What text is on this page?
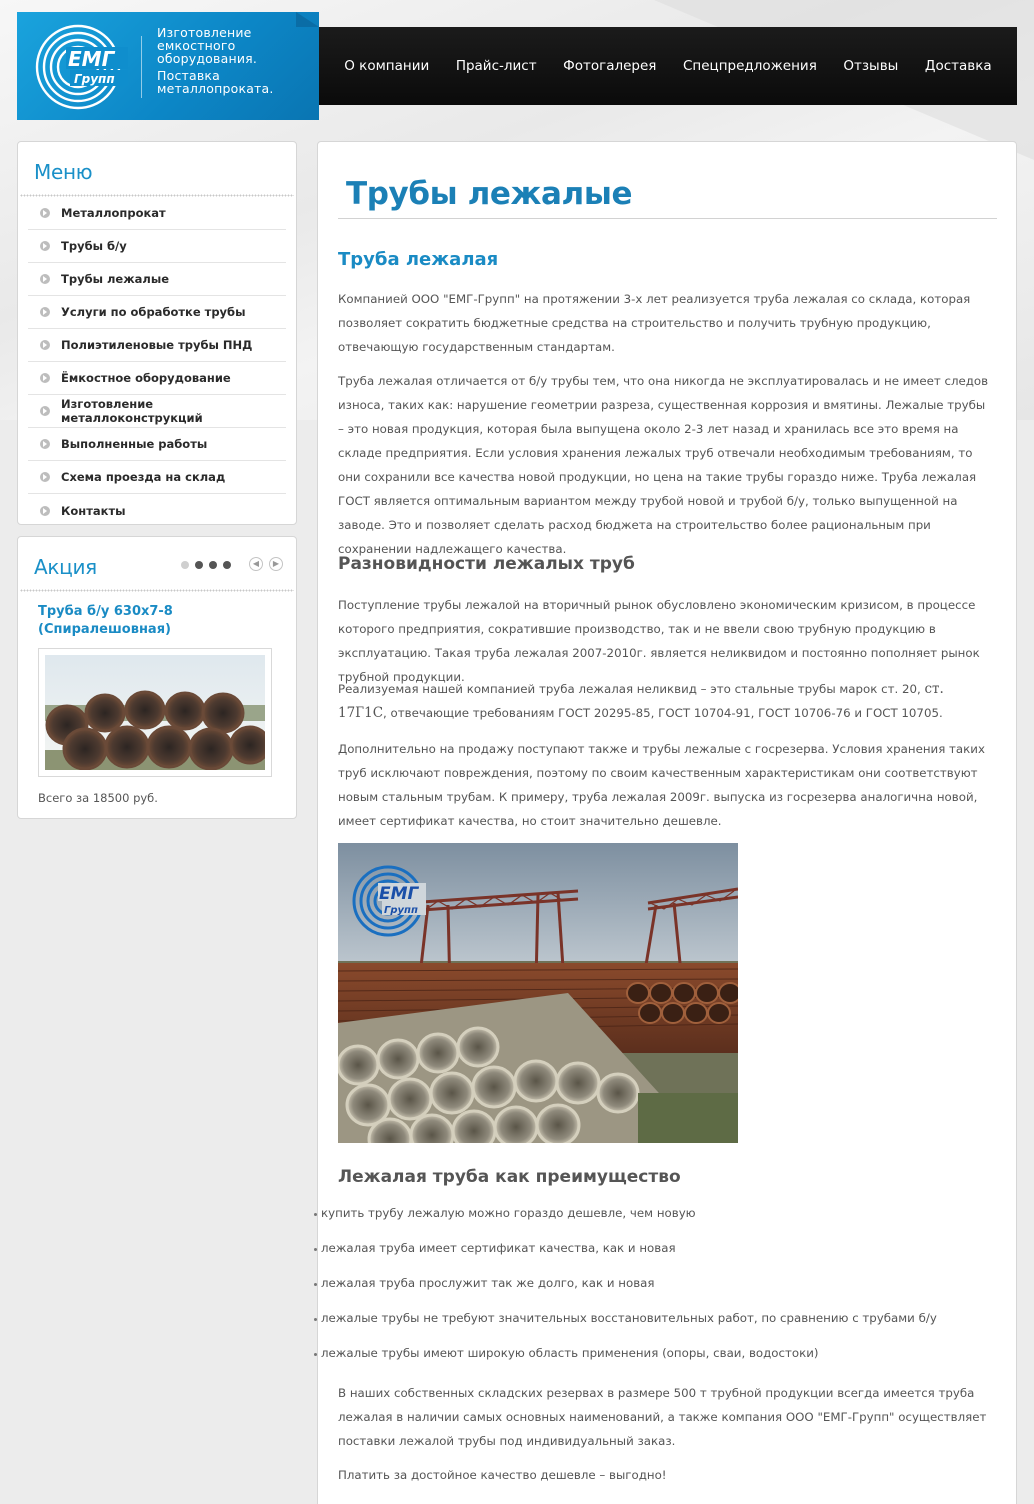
ЕМГ
Групп
Изготовление емкостного оборудования.
Поставка металлопроката.
О компании Прайс-лист Фотогалерея Спецпредложения Отзывы Доставка
Меню
Металлопрокат
Трубы б/у
Трубы лежалые
Услуги по обработке трубы
Полиэтиленовые трубы ПНД
Ёмкостное оборудование
Изготовление металлоконструкций
Выполненные работы
Схема проезда на склад
Контакты
Акция	◀ ▶
Труба б/у 630х7-8 (Спиралешовная)
Всего за 18500 руб.
Трубы лежалые
Труба лежалая

Компанией ООО "ЕМГ-Групп" на протяжении 3-х лет реализуется труба лежалая со склада, которая позволяет сократить бюджетные средства на строительство и получить трубную продукцию, отвечающую государственным стандартам.

Труба лежалая отличается от б/у трубы тем, что она никогда не эксплуатировалась и не имеет следов износа, таких как: нарушение геометрии разреза, существенная коррозия и вмятины. Лежалые трубы – это новая продукция, которая была выпущена около 2-3 лет назад и хранилась все это время на складе предприятия. Если условия хранения лежалых труб отвечали необходимым требованиям, то они сохранили все качества новой продукции, но цена на такие трубы гораздо ниже. Труба лежалая ГОСТ является оптимальным вариантом между трубой новой и трубой б/у, только выпущенной на заводе. Это и позволяет сделать расход бюджета на строительство более рациональным при сохранении надлежащего качества.

Разновидности лежалых труб

Поступление трубы лежалой на вторичный рынок обусловлено экономическим кризисом, в процессе которого предприятия, сократившие производство, так и не ввели свою трубную продукцию в эксплуатацию. Такая труба лежалая 2007-2010г. является неликвидом и постоянно пополняет рынок трубной продукции.

Реализуемая нашей компанией труба лежалая неликвид – это стальные трубы марок ст. 20, ст. 17Г1С, отвечающие требованиям ГОСТ 20295-85, ГОСТ 10704-91, ГОСТ 10706-76 и ГОСТ 10705.

Дополнительно на продажу поступают также и трубы лежалые с госрезерва. Условия хранения таких труб исключают повреждения, поэтому по своим качественным характеристикам они соответствуют новым стальным трубам. К примеру, труба лежалая 2009г. выпуска из госрезерва аналогична новой, имеет сертификат качества, но стоит значительно дешевле.

ЕМГ
Групп
Лежалая труба как преимущество
купить трубу лежалую можно гораздо дешевле, чем новую
лежалая труба имеет сертификат качества, как и новая
лежалая труба прослужит так же долго, как и новая
лежалые трубы не требуют значительных восстановительных работ, по сравнению с трубами б/у
лежалые трубы имеют широкую область применения (опоры, сваи, водостоки)

В наших собственных складских резервах в размере 500 т трубной продукции всегда имеется труба лежалая в наличии самых основных наименований, а также компания ООО "ЕМГ-Групп" осуществляет поставки лежалой трубы под индивидуальный заказ.

Платить за достойное качество дешевле – выгодно!
